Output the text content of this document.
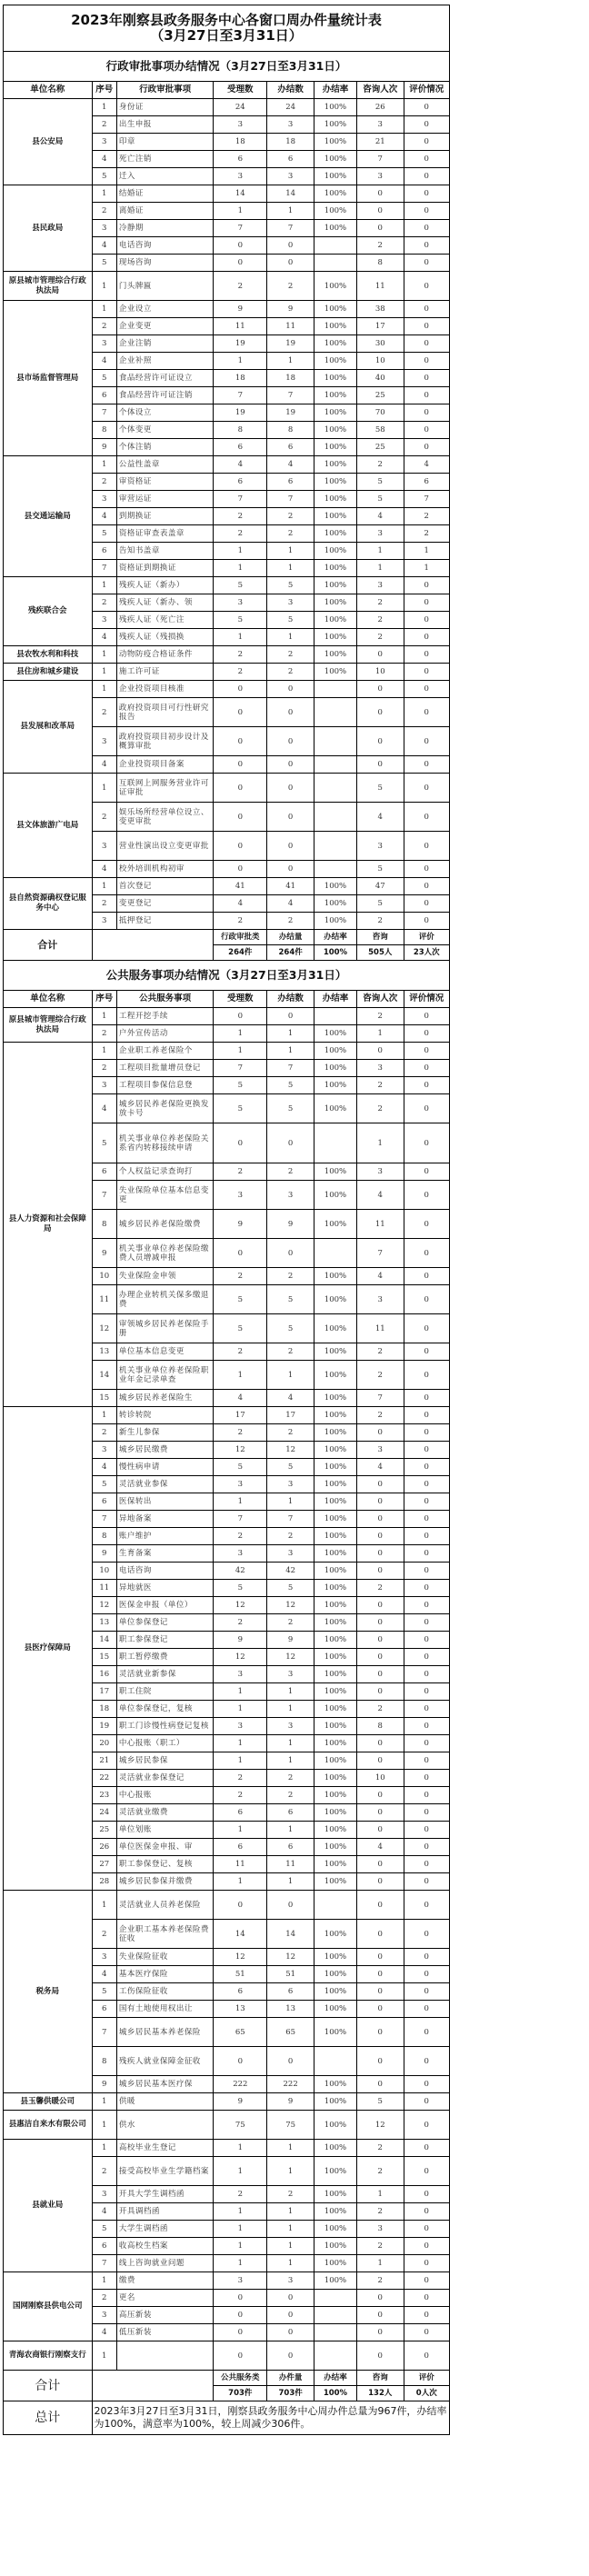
2023年刚察县政务服务中心各窗口周办件量统计表
（3月27日至3月31日）							

行政审批事项办结情况（3月27日至3月31日）							
单位名称	序号	行政审批事项	受理数	办结数	办结率	咨询人次	评价情况
县公安局	1	身份证	24	24	100%	26	0
	2	出生申报	3	3	100%	3	0
	3	印章	18	18	100%	21	0
	4	死亡注销	6	6	100%	7	0
	5	迁入	3	3	100%	3	0
县民政局	1	结婚证	14	14	100%	0	0
	2	离婚证	1	1	100%	0	0
	3	冷静期	7	7	100%	0	0
	4	电话咨询	0	0		2	0
	5	现场咨询	0	0		8	0
原县城市管理综合行政执法局	1	门头牌匾	2	2	100%	11	0
县市场监督管理局	1	企业设立	9	9	100%	38	0
	2	企业变更	11	11	100%	17	0
	3	企业注销	19	19	100%	30	0
	4	企业补照	1	1	100%	10	0
	5	食品经营许可证设立	18	18	100%	40	0
	6	食品经营许可证注销	7	7	100%	25	0
	7	个体设立	19	19	100%	70	0
	8	个体变更	8	8	100%	58	0
	9	个体注销	6	6	100%	25	0
县交通运输局	1	公益性盖章	4	4	100%	2	4
	2	审资格证	6	6	100%	5	6
	3	审营运证	7	7	100%	5	7
	4	到期换证	2	2	100%	4	2
	5	资格证审查表盖章	2	2	100%	3	2
	6	告知书盖章	1	1	100%	1	1
	7	资格证到期换证	1	1	100%	1	1
残疾联合会	1	残疾人证（新办）	5	5	100%	3	0
	2	残疾人证（新办、领	3	3	100%	2	0
	3	残疾人证（死亡注	5	5	100%	2	0
	4	残疾人证（残损换	1	1	100%	2	0
县农牧水利和科技	1	动物防疫合格证条件	2	2	100%	0	0
县住房和城乡建设	1	施工许可证	2	2	100%	10	0
县发展和改革局	1	企业投资项目核准	0	0		0	0
	2	政府投资项目可行性研究报告	0	0		0	0
	3	政府投资项目初步设计及概算审批	0	0		0	0
	4	企业投资项目备案	0	0		0	0
县文体旅游广电局	1	互联网上网服务营业许可证审批	0	0		5	0
	2	娱乐场所经营单位设立、变更审批	0	0		4	0
	3	营业性演出设立变更审批	0	0		3	0
	4	校外培训机构初审	0	0		5	0
县自然资源确权登记服务中心	1	首次登记	41	41	100%	47	0
	2	变更登记	4	4	100%	5	0
	3	抵押登记	2	2	100%	2	0
合计			行政审批类	办结量	办结率	咨询	评价
			264件	264件	100%	505人	23人次
公共服务事项办结情况（3月27日至3月31日）							
单位名称	序号	公共服务事项	受理数	办结数	办结率	咨询人次	评价情况
原县城市管理综合行政执法局	1	工程开挖手续	0	0		2	0
	2	户外宣传活动	1	1	100%	1	0
县人力资源和社会保障局	1	企业职工养老保险个	1	1	100%	0	0
	2	工程项目批量增员登记	7	7	100%	3	0
	3	工程项目参保信息登	5	5	100%	2	0
	4	城乡居民养老保险更换发放卡号	5	5	100%	2	0
	5	机关事业单位养老保险关系省内转移接续申请	0	0		1	0
	6	个人权益记录查询打	2	2	100%	3	0
	7	失业保险单位基本信息变更	3	3	100%	4	0
	8	城乡居民养老保险缴费	9	9	100%	11	0
	9	机关事业单位养老保险缴费人员增减申报	0	0		7	0
	10	失业保险金申领	2	2	100%	4	0
	11	办理企业转机关保多缴退费	5	5	100%	3	0
	12	审领城乡居民养老保险手册	5	5	100%	11	0
	13	单位基本信息变更	2	2	100%	2	0
	14	机关事业单位养老保险职业年金记录单查	1	1	100%	2	0
	15	城乡居民养老保险生	4	4	100%	7	0
县医疗保障局	1	转诊转院	17	17	100%	2	0
	2	新生儿参保	2	2	100%	0	0
	3	城乡居民缴费	12	12	100%	3	0
	4	慢性病申请	5	5	100%	4	0
	5	灵活就业参保	3	3	100%	0	0
	6	医保转出	1	1	100%	0	0
	7	异地备案	7	7	100%	0	0
	8	账户维护	2	2	100%	0	0
	9	生育备案	3	3	100%	0	0
	10	电话咨询	42	42	100%	0	0
	11	异地就医	5	5	100%	2	0
	12	医保金申报（单位）	12	12	100%	0	0
	13	单位参保登记	2	2	100%	0	0
	14	职工参保登记	9	9	100%	0	0
	15	职工暂停缴费	12	12	100%	0	0
	16	灵活就业新参保	3	3	100%	0	0
	17	职工住院	1	1	100%	0	0
	18	单位参保登记，复核	1	1	100%	2	0
	19	职工门诊慢性病登记复核	3	3	100%	8	0
	20	中心报账（职工）	1	1	100%	0	0
	21	城乡居民参保	1	1	100%	0	0
	22	灵活就业参保登记	2	2	100%	10	0
	23	中心报账	2	2	100%	0	0
	24	灵活就业缴费	6	6	100%	0	0
	25	单位划账	1	1	100%	0	0
	26	单位医保金申报、审	6	6	100%	4	0
	27	职工参保登记、复核	11	11	100%	0	0
	28	城乡居民参保并缴费	1	1	100%	0	0
税务局	1	灵活就业人员养老保险	0	0		0	0
	2	企业职工基本养老保险费征收	14	14	100%	0	0
	3	失业保险征收	12	12	100%	0	0
	4	基本医疗保险	51	51	100%	0	0
	5	工伤保险征收	6	6	100%	0	0
	6	国有土地使用权出让	13	13	100%	0	0
	7	城乡居民基本养老保险	65	65	100%	0	0
	8	残疾人就业保障金征收	0	0		0	0
	9	城乡居民基本医疗保	222	222	100%	0	0
县玉馨供暖公司	1	供暖	9	9	100%	5	0
县惠洁自来水有限公司	1	供水	75	75	100%	12	0
县就业局	1	高校毕业生登记	1	1	100%	2	0
	2	接受高校毕业生学籍档案	1	1	100%	2	0
	3	开具大学生调档函	2	2	100%	1	0
	4	开具调档函	1	1	100%	2	0
	5	大学生调档函	1	1	100%	3	0
	6	收高校生档案	1	1	100%	2	0
	7	线上咨询就业问题	1	1	100%	1	0
国网刚察县供电公司	1	缴费	3	3	100%	2	0
	2	更名	0	0		0	0
	3	高压新装	0	0		0	0
	4	低压新装	0	0		0	0
青海农商银行刚察支行	1		0	0		0	0
合计			公共服务类	办件量	办结率	咨询	评价
			703件	703件	100%	132人	0人次
总计	2023年3月27日至3月31日，刚察县政务服务中心周办件总量为967件，办结率为100%，满意率为100%，较上周减少306件。						
